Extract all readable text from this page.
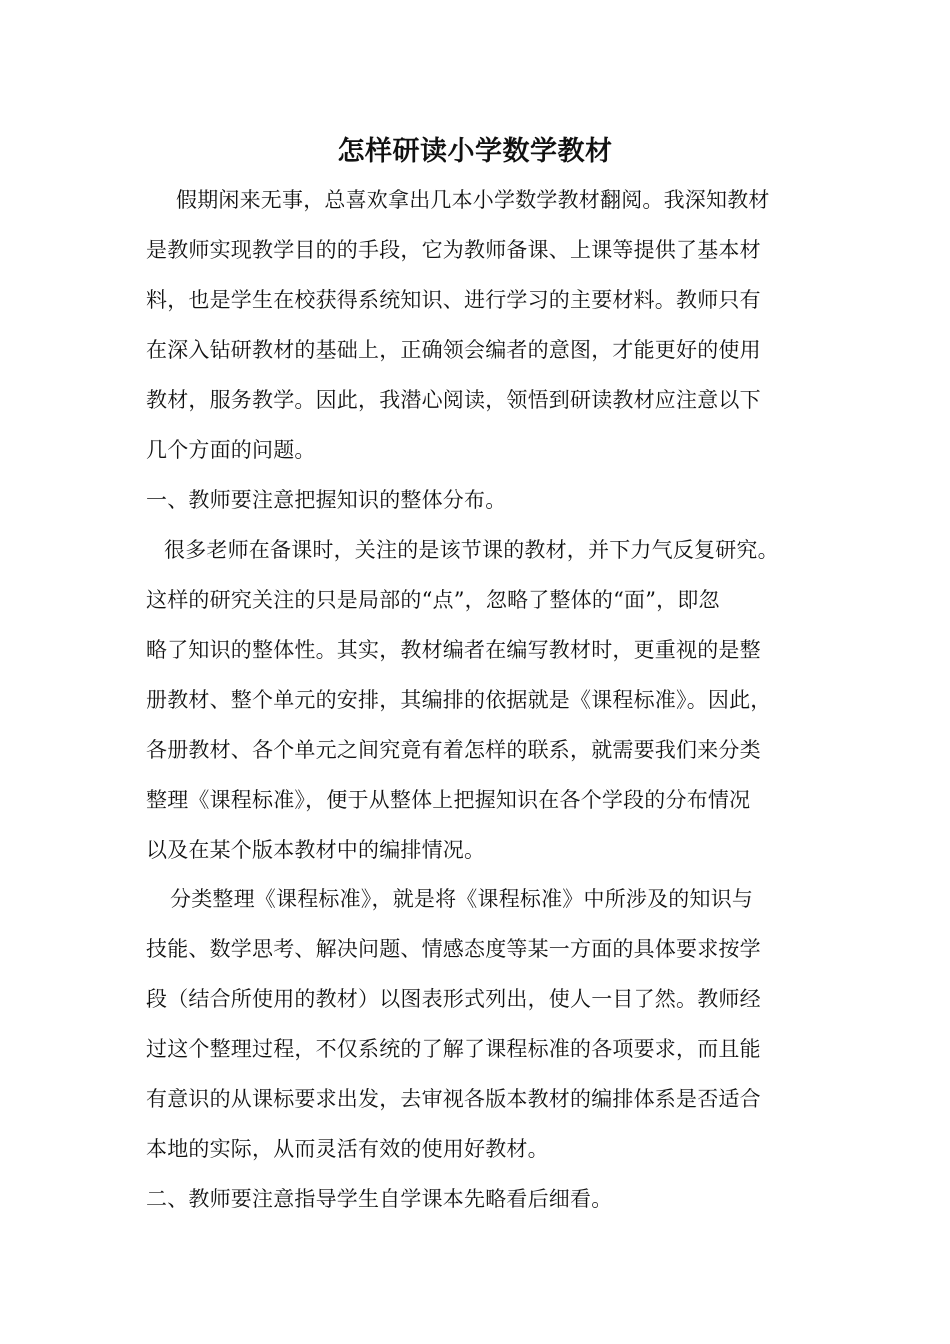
怎样研读小学数学教材
假期闲来无事，总喜欢拿出几本小学数学教材翻阅。我深知教材
是教师实现教学目的的手段，它为教师备课、上课等提供了基本材
料，也是学生在校获得系统知识、进行学习的主要材料。教师只有
在深入钻研教材的基础上，正确领会编者的意图，才能更好的使用
教材，服务教学。因此，我潜心阅读，领悟到研读教材应注意以下
几个方面的问题。
一、教师要注意把握知识的整体分布。
很多老师在备课时，关注的是该节课的教材，并下力气反复研究。
这样的研究关注的只是局部的“点”，忽略了整体的“面”，即忽
略了知识的整体性。其实，教材编者在编写教材时，更重视的是整
册教材、整个单元的安排，其编排的依据就是《课程标准》。因此，
各册教材、各个单元之间究竟有着怎样的联系，就需要我们来分类
整理《课程标准》，便于从整体上把握知识在各个学段的分布情况
以及在某个版本教材中的编排情况。
分类整理《课程标准》，就是将《课程标准》中所涉及的知识与
技能、数学思考、解决问题、情感态度等某一方面的具体要求按学
段（结合所使用的教材）以图表形式列出，使人一目了然。教师经
过这个整理过程，不仅系统的了解了课程标准的各项要求，而且能
有意识的从课标要求出发，去审视各版本教材的编排体系是否适合
本地的实际，从而灵活有效的使用好教材。
二、教师要注意指导学生自学课本先略看后细看。
